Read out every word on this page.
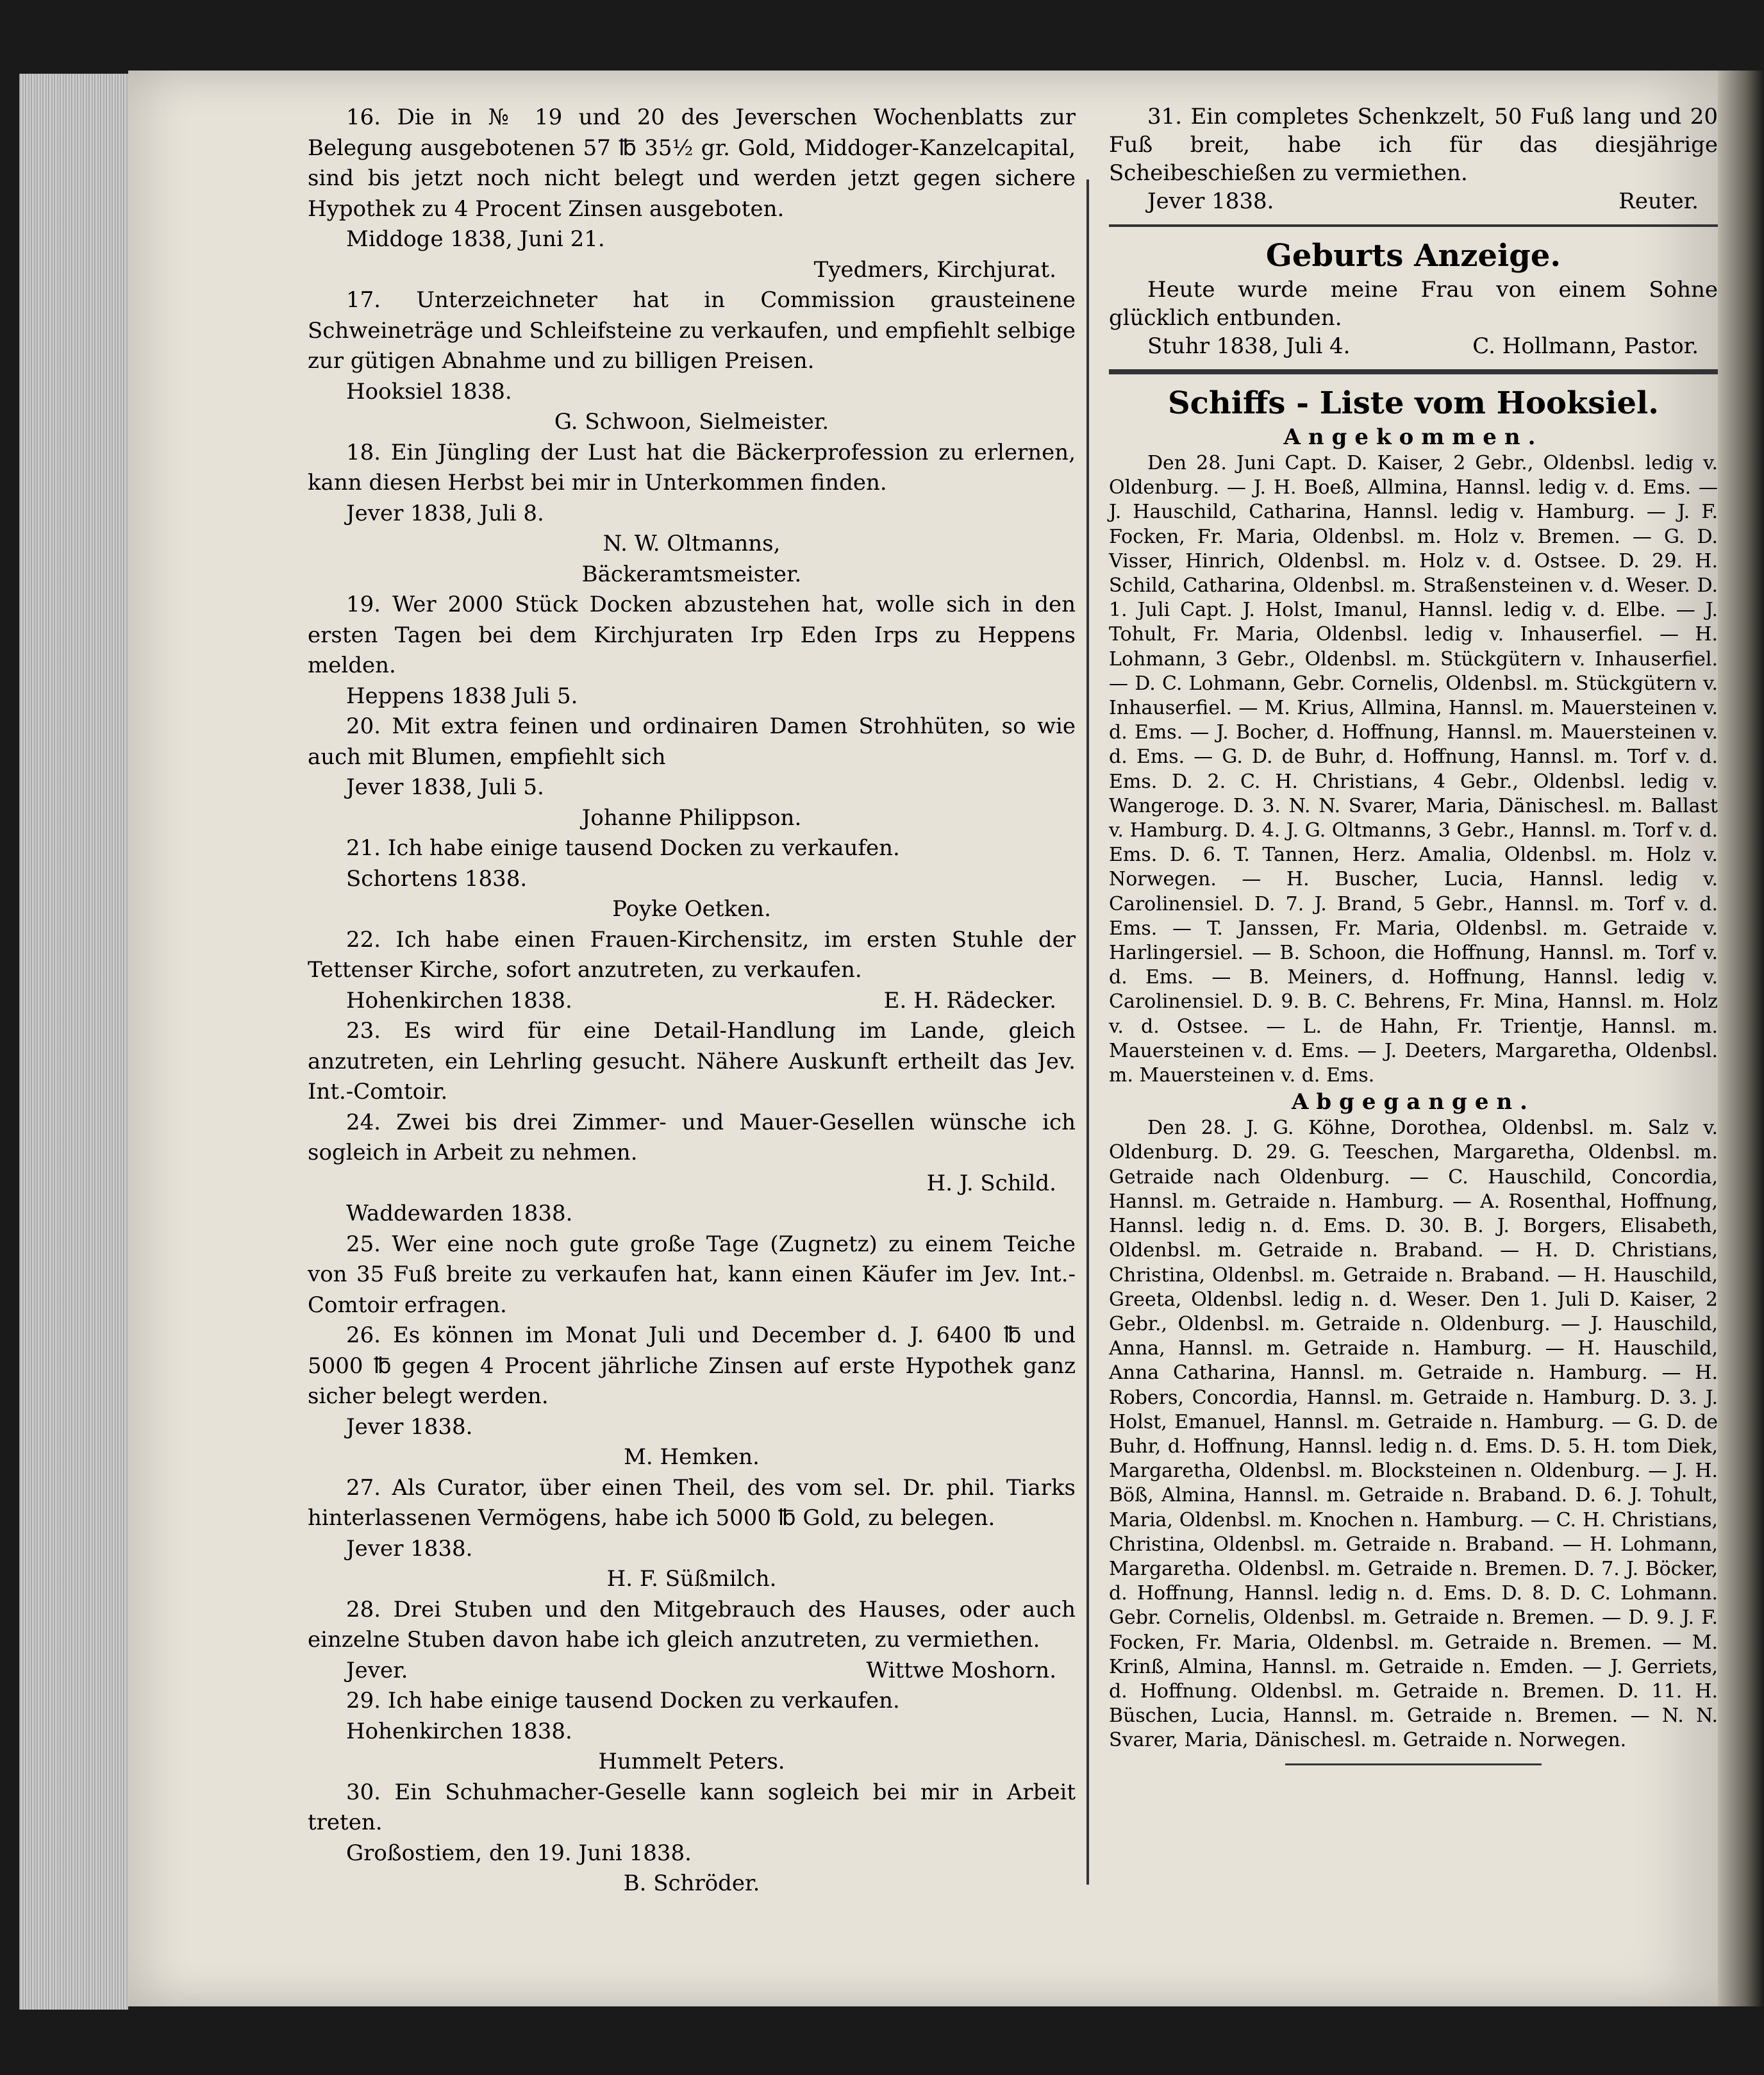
16. Die in № 19 und 20 des Jeverschen Wochenblatts zur Belegung ausgebotenen 57 ℔ 35½ gr. Gold, Middoger-Kanzelcapital, sind bis jetzt noch nicht belegt und werden jetzt gegen sichere Hypothek zu 4 Procent Zinsen ausgeboten.

Middoge 1838, Juni 21.

Tyedmers, Kirchjurat.

17. Unterzeichneter hat in Commission grausteinene Schweineträge und Schleifsteine zu verkaufen, und empfiehlt selbige zur gütigen Abnahme und zu billigen Preisen.

Hooksiel 1838.

G. Schwoon, Sielmeister.

18. Ein Jüngling der Lust hat die Bäckerprofession zu erlernen, kann diesen Herbst bei mir in Unterkommen finden.

Jever 1838, Juli 8.

N. W. Oltmanns,

Bäckeramtsmeister.

19. Wer 2000 Stück Docken abzustehen hat, wolle sich in den ersten Tagen bei dem Kirchjuraten Irp Eden Irps zu Heppens melden.

Heppens 1838 Juli 5.

20. Mit extra feinen und ordinairen Damen Strohhüten, so wie auch mit Blumen, empfiehlt sich

Jever 1838, Juli 5.

Johanne Philippson.

21. Ich habe einige tausend Docken zu verkaufen.

Schortens 1838.

Poyke Oetken.

22. Ich habe einen Frauen-Kirchensitz, im ersten Stuhle der Tettenser Kirche, sofort anzutreten, zu verkaufen.

Hohenkirchen 1838.	E. H. Rädecker.

23. Es wird für eine Detail-Handlung im Lande, gleich anzutreten, ein Lehrling gesucht. Nähere Auskunft ertheilt das Jev. Int.-Comtoir.

24. Zwei bis drei Zimmer- und Mauer-Gesellen wünsche ich sogleich in Arbeit zu nehmen.

H. J. Schild.

Waddewarden 1838.

25. Wer eine noch gute große Tage (Zugnetz) zu einem Teiche von 35 Fuß breite zu verkaufen hat, kann einen Käufer im Jev. Int.-Comtoir erfragen.

26. Es können im Monat Juli und December d. J. 6400 ℔ und 5000 ℔ gegen 4 Procent jährliche Zinsen auf erste Hypothek ganz sicher belegt werden.

Jever 1838.

M. Hemken.

27. Als Curator, über einen Theil, des vom sel. Dr. phil. Tiarks hinterlassenen Vermögens, habe ich 5000 ℔ Gold, zu belegen.

Jever 1838.

H. F. Süßmilch.

28. Drei Stuben und den Mitgebrauch des Hauses, oder auch einzelne Stuben davon habe ich gleich anzutreten, zu vermiethen.

Jever.	Wittwe Moshorn.

29. Ich habe einige tausend Docken zu verkaufen.

Hohenkirchen 1838.

Hummelt Peters.

30. Ein Schuhmacher-Geselle kann sogleich bei mir in Arbeit treten.

Großostiem, den 19. Juni 1838.

B. Schröder.

31. Ein completes Schenkzelt, 50 Fuß lang und 20 Fuß breit, habe ich für das diesjährige Scheibeschießen zu vermiethen.

Jever 1838.	Reuter.
Geburts Anzeige.

Heute wurde meine Frau von einem Sohne glücklich entbunden.

Stuhr 1838, Juli 4.	C. Hollmann, Pastor.
Schiffs - Liste vom Hooksiel.
Angekommen.

Den 28. Juni Capt. D. Kaiser, 2 Gebr., Oldenbsl. ledig v. Oldenburg. — J. H. Boeß, Allmina, Hannsl. ledig v. d. Ems. — J. Hauschild, Catharina, Hannsl. ledig v. Hamburg. — J. F. Focken, Fr. Maria, Oldenbsl. m. Holz v. Bremen. — G. D. Visser, Hinrich, Oldenbsl. m. Holz v. d. Ostsee. D. 29. H. Schild, Catharina, Oldenbsl. m. Straßensteinen v. d. Weser. D. 1. Juli Capt. J. Holst, Imanul, Hannsl. ledig v. d. Elbe. — J. Tohult, Fr. Maria, Oldenbsl. ledig v. Inhauserfiel. — H. Lohmann, 3 Gebr., Oldenbsl. m. Stückgütern v. Inhauserfiel. — D. C. Lohmann, Gebr. Cornelis, Oldenbsl. m. Stückgütern v. Inhauserfiel. — M. Krius, Allmina, Hannsl. m. Mauersteinen v. d. Ems. — J. Bocher, d. Hoffnung, Hannsl. m. Mauersteinen v. d. Ems. — G. D. de Buhr, d. Hoffnung, Hannsl. m. Torf v. d. Ems. D. 2. C. H. Christians, 4 Gebr., Oldenbsl. ledig v. Wangeroge. D. 3. N. N. Svarer, Maria, Dänischesl. m. Ballast v. Hamburg. D. 4. J. G. Oltmanns, 3 Gebr., Hannsl. m. Torf v. d. Ems. D. 6. T. Tannen, Herz. Amalia, Oldenbsl. m. Holz v. Norwegen. — H. Buscher, Lucia, Hannsl. ledig v. Carolinensiel. D. 7. J. Brand, 5 Gebr., Hannsl. m. Torf v. d. Ems. — T. Janssen, Fr. Maria, Oldenbsl. m. Getraide v. Harlingersiel. — B. Schoon, die Hoffnung, Hannsl. m. Torf v. d. Ems. — B. Meiners, d. Hoffnung, Hannsl. ledig v. Carolinensiel. D. 9. B. C. Behrens, Fr. Mina, Hannsl. m. Holz v. d. Ostsee. — L. de Hahn, Fr. Trientje, Hannsl. m. Mauersteinen v. d. Ems. — J. Deeters, Margaretha, Oldenbsl. m. Mauersteinen v. d. Ems.

Abgegangen.

Den 28. J. G. Köhne, Dorothea, Oldenbsl. m. Salz v. Oldenburg. D. 29. G. Teeschen, Margaretha, Oldenbsl. m. Getraide nach Oldenburg. — C. Hauschild, Concordia, Hannsl. m. Getraide n. Hamburg. — A. Rosenthal, Hoffnung, Hannsl. ledig n. d. Ems. D. 30. B. J. Borgers, Elisabeth, Oldenbsl. m. Getraide n. Braband. — H. D. Christians, Christina, Oldenbsl. m. Getraide n. Braband. — H. Hauschild, Greeta, Oldenbsl. ledig n. d. Weser. Den 1. Juli D. Kaiser, 2 Gebr., Oldenbsl. m. Getraide n. Oldenburg. — J. Hauschild, Anna, Hannsl. m. Getraide n. Hamburg. — H. Hauschild, Anna Catharina, Hannsl. m. Getraide n. Hamburg. — H. Robers, Concordia, Hannsl. m. Getraide n. Hamburg. D. 3. J. Holst, Emanuel, Hannsl. m. Getraide n. Hamburg. — G. D. de Buhr, d. Hoffnung, Hannsl. ledig n. d. Ems. D. 5. H. tom Diek, Margaretha, Oldenbsl. m. Blocksteinen n. Oldenburg. — J. H. Böß, Almina, Hannsl. m. Getraide n. Braband. D. 6. J. Tohult, Maria, Oldenbsl. m. Knochen n. Hamburg. — C. H. Christians, Christina, Oldenbsl. m. Getraide n. Braband. — H. Lohmann, Margaretha. Oldenbsl. m. Getraide n. Bremen. D. 7. J. Böcker, d. Hoffnung, Hannsl. ledig n. d. Ems. D. 8. D. C. Lohmann. Gebr. Cornelis, Oldenbsl. m. Getraide n. Bremen. — D. 9. J. F. Focken, Fr. Maria, Oldenbsl. m. Getraide n. Bremen. — M. Krinß, Almina, Hannsl. m. Getraide n. Emden. — J. Gerriets, d. Hoffnung. Oldenbsl. m. Getraide n. Bremen. D. 11. H. Büschen, Lucia, Hannsl. m. Getraide n. Bremen. — N. N. Svarer, Maria, Dänischesl. m. Getraide n. Norwegen.
